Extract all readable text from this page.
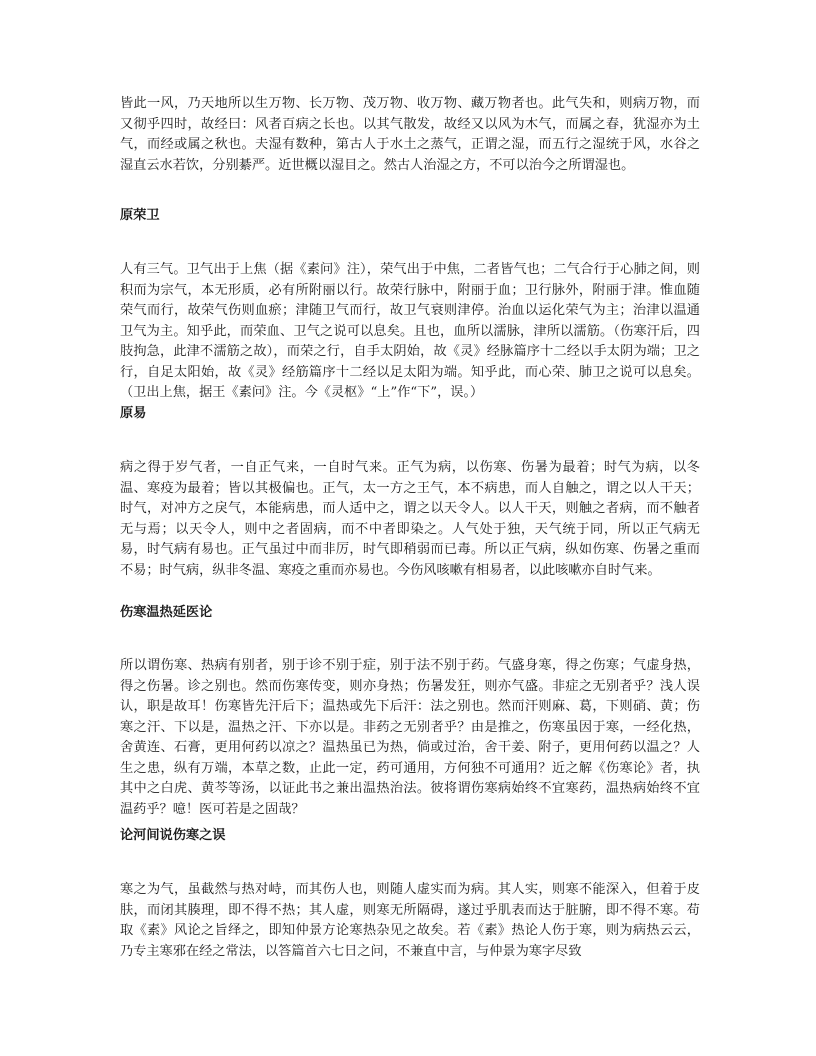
皆此一风，乃天地所以生万物、长万物、茂万物、收万物、藏万物者也。此气失和，则病万物，而又彻乎四时，故经曰：风者百病之长也。以其气散发，故经又以风为木气，而属之春，犹湿亦为土气，而经或属之秋也。夫湿有数种，第古人于水土之蒸气，正谓之湿，而五行之湿统于风，水谷之湿直云水若饮，分别綦严。近世概以湿目之。然古人治湿之方，不可以治今之所谓湿也。

原荣卫

人有三气。卫气出于上焦（据《素问》注），荣气出于中焦，二者皆气也；二气合行于心肺之间，则积而为宗气，本无形质，必有所附丽以行。故荣行脉中，附丽于血；卫行脉外，附丽于津。惟血随荣气而行，故荣气伤则血瘀；津随卫气而行，故卫气衰则津停。治血以运化荣气为主；治津以温通卫气为主。知乎此，而荣血、卫气之说可以息矣。且也，血所以濡脉，津所以濡筋。（伤寒汗后，四肢拘急，此津不濡筋之故），而荣之行，自手太阴始，故《灵》经脉篇序十二经以手太阴为端；卫之行，自足太阳始，故《灵》经筋篇序十二经以足太阳为端。知乎此，而心荣、肺卫之说可以息矣。（卫出上焦，据王《素问》注。今《灵枢》“上”作“下”，误。）

原易

病之得于岁气者，一自正气来，一自时气来。正气为病，以伤寒、伤暑为最着；时气为病，以冬温、寒疫为最着；皆以其极偏也。正气，太一方之王气，本不病患，而人自触之，谓之以人干天；时气，对冲方之戾气，本能病患，而人适中之，谓之以天令人。以人干天，则触之者病，而不触者无与焉；以天令人，则中之者固病，而不中者即染之。人气处于独，天气统于同，所以正气病无易，时气病有易也。正气虽过中而非厉，时气即稍弱而已毒。所以正气病，纵如伤寒、伤暑之重而不易；时气病，纵非冬温、寒疫之重而亦易也。今伤风咳嗽有相易者，以此咳嗽亦自时气来。

伤寒温热延医论

所以谓伤寒、热病有别者，别于诊不别于症，别于法不别于药。气盛身寒，得之伤寒；气虚身热，得之伤暑。诊之别也。然而伤寒传变，则亦身热；伤暑发狂，则亦气盛。非症之无别者乎？浅人误认，职是故耳！伤寒皆先汗后下；温热或先下后汗：法之别也。然而汗则麻、葛，下则硝、黄；伤寒之汗、下以是，温热之汗、下亦以是。非药之无别者乎？由是推之，伤寒虽因于寒，一经化热，舍黄连、石膏，更用何药以凉之？温热虽已为热，倘或过治，舍干姜、附子，更用何药以温之？人生之患，纵有万端，本草之数，止此一定，药可通用，方何独不可通用？近之解《伤寒论》者，执其中之白虎、黄芩等汤，以证此书之兼出温热治法。彼将谓伤寒病始终不宜寒药，温热病始终不宜温药乎？噫！医可若是之固哉？

论河间说伤寒之误

寒之为气，虽截然与热对峙，而其伤人也，则随人虚实而为病。其人实，则寒不能深入，但着于皮肤，而闭其腠理，即不得不热；其人虚，则寒无所隔碍，遂过乎肌表而达于脏腑，即不得不寒。苟取《素》风论之旨绎之，即知仲景方论寒热杂见之故矣。若《素》热论人伤于寒，则为病热云云，乃专主寒邪在经之常法，以答篇首六七日之问，不兼直中言，与仲景为寒字尽致
